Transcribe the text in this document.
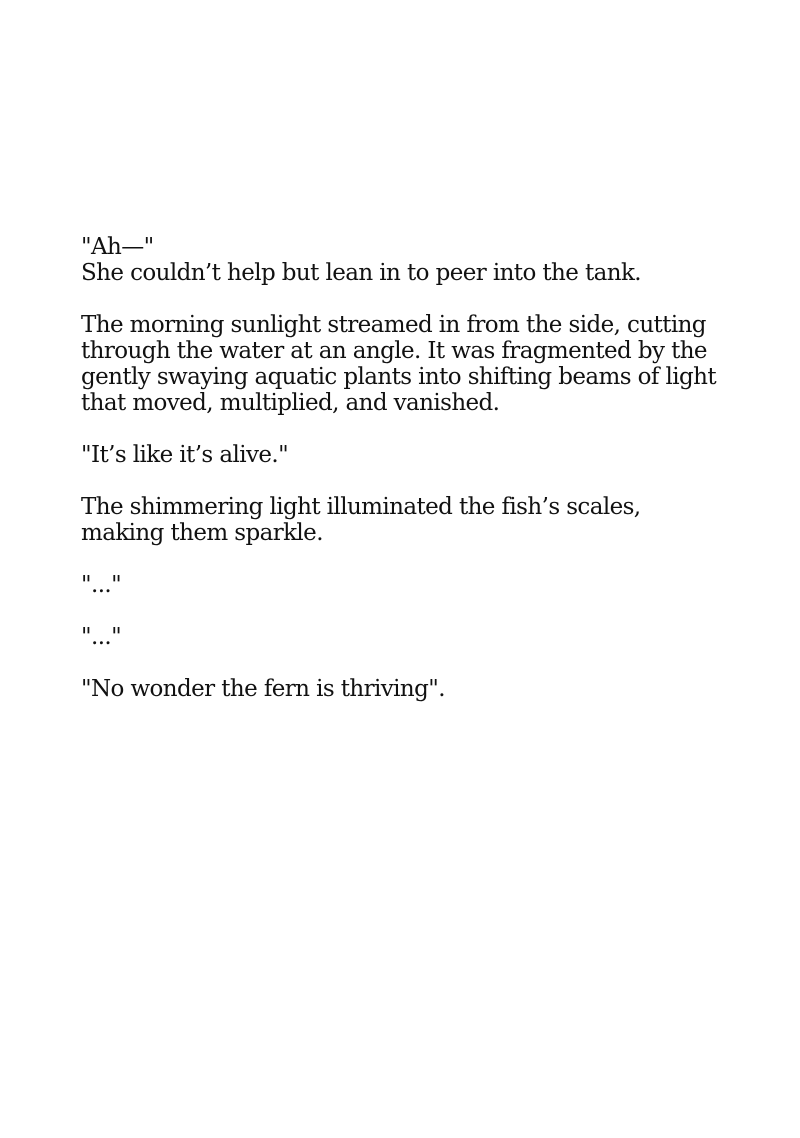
"Ah—"
She couldn’t help but lean in to peer into the tank.
The morning sunlight streamed in from the side, cutting
through the water at an angle. It was fragmented by the
gently swaying aquatic plants into shifting beams of light
that moved, multiplied, and vanished.
"It’s like it’s alive."
The shimmering light illuminated the fish’s scales,
making them sparkle.
"..."
"..."
"No wonder the fern is thriving".
